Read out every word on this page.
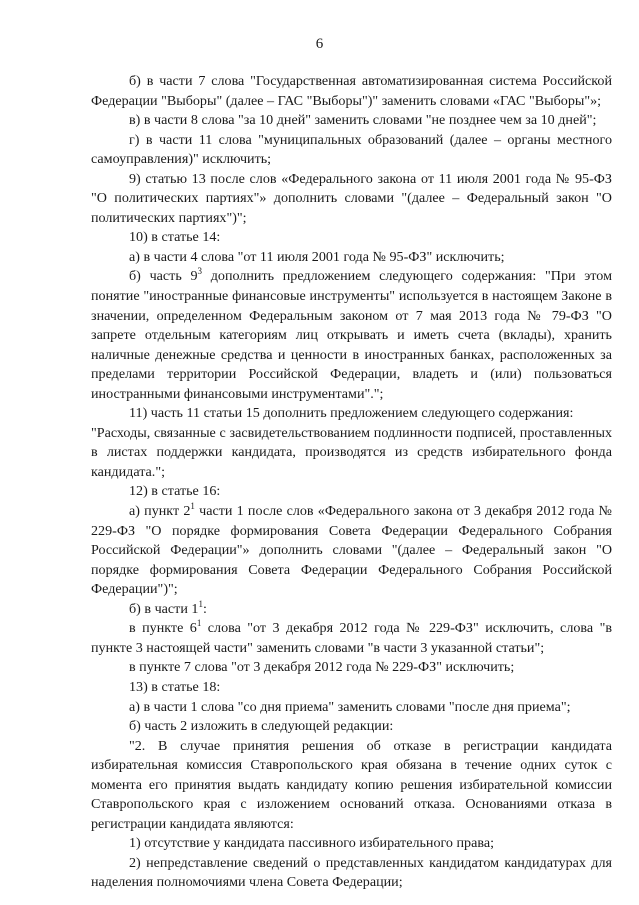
6

б) в части 7 слова "Государственная автоматизированная система Российской Федерации "Выборы" (далее – ГАС "Выборы")" заменить словами «ГАС "Выборы"»;

в) в части 8 слова "за 10 дней" заменить словами "не позднее чем за 10 дней";

г) в части 11 слова "муниципальных образований (далее – органы местного самоуправления)" исключить;

9) статью 13 после слов «Федерального закона от 11 июля 2001 года № 95-ФЗ "О политических партиях"» дополнить словами "(далее – Федеральный закон "О политических партиях")";

10) в статье 14:

а) в части 4 слова "от 11 июля 2001 года № 95-ФЗ" исключить;

б) часть $9^3$ дополнить предложением следующего содержания: "При этом понятие "иностранные финансовые инструменты" используется в настоящем Законе в значении, определенном Федеральным законом от 7 мая 2013 года № 79-ФЗ "О запрете отдельным категориям лиц открывать и иметь счета (вклады), хранить наличные денежные средства и ценности в иностранных банках, расположенных за пределами территории Российской Федерации, владеть и (или) пользоваться иностранными финансовыми инструментами".";

11) часть 11 статьи 15 дополнить предложением следующего содержания:

"Расходы, связанные с засвидетельствованием подлинности подписей, проставленных в листах поддержки кандидата, производятся из средств избирательного фонда кандидата.";

12) в статье 16:

а) пункт $2^1$ части 1 после слов «Федерального закона от 3 декабря 2012 года № 229-ФЗ "О порядке формирования Совета Федерации Федерального Собрания Российской Федерации"» дополнить словами "(далее – Федеральный закон "О порядке формирования Совета Федерации Федерального Собрания Российской Федерации")";

б) в части $1^1$:

в пункте $6^1$ слова "от 3 декабря 2012 года № 229-ФЗ" исключить, слова "в пункте 3 настоящей части" заменить словами "в части 3 указанной статьи";

в пункте 7 слова "от 3 декабря 2012 года № 229-ФЗ" исключить;

13) в статье 18:

а) в части 1 слова "со дня приема" заменить словами "после дня приема";

б) часть 2 изложить в следующей редакции:

"2. В случае принятия решения об отказе в регистрации кандидата избирательная комиссия Ставропольского края обязана в течение одних суток с момента его принятия выдать кандидату копию решения избирательной комиссии Ставропольского края с изложением оснований отказа. Основаниями отказа в регистрации кандидата являются:

1) отсутствие у кандидата пассивного избирательного права;

2) непредставление сведений о представленных кандидатом кандидатурах для наделения полномочиями члена Совета Федерации;
